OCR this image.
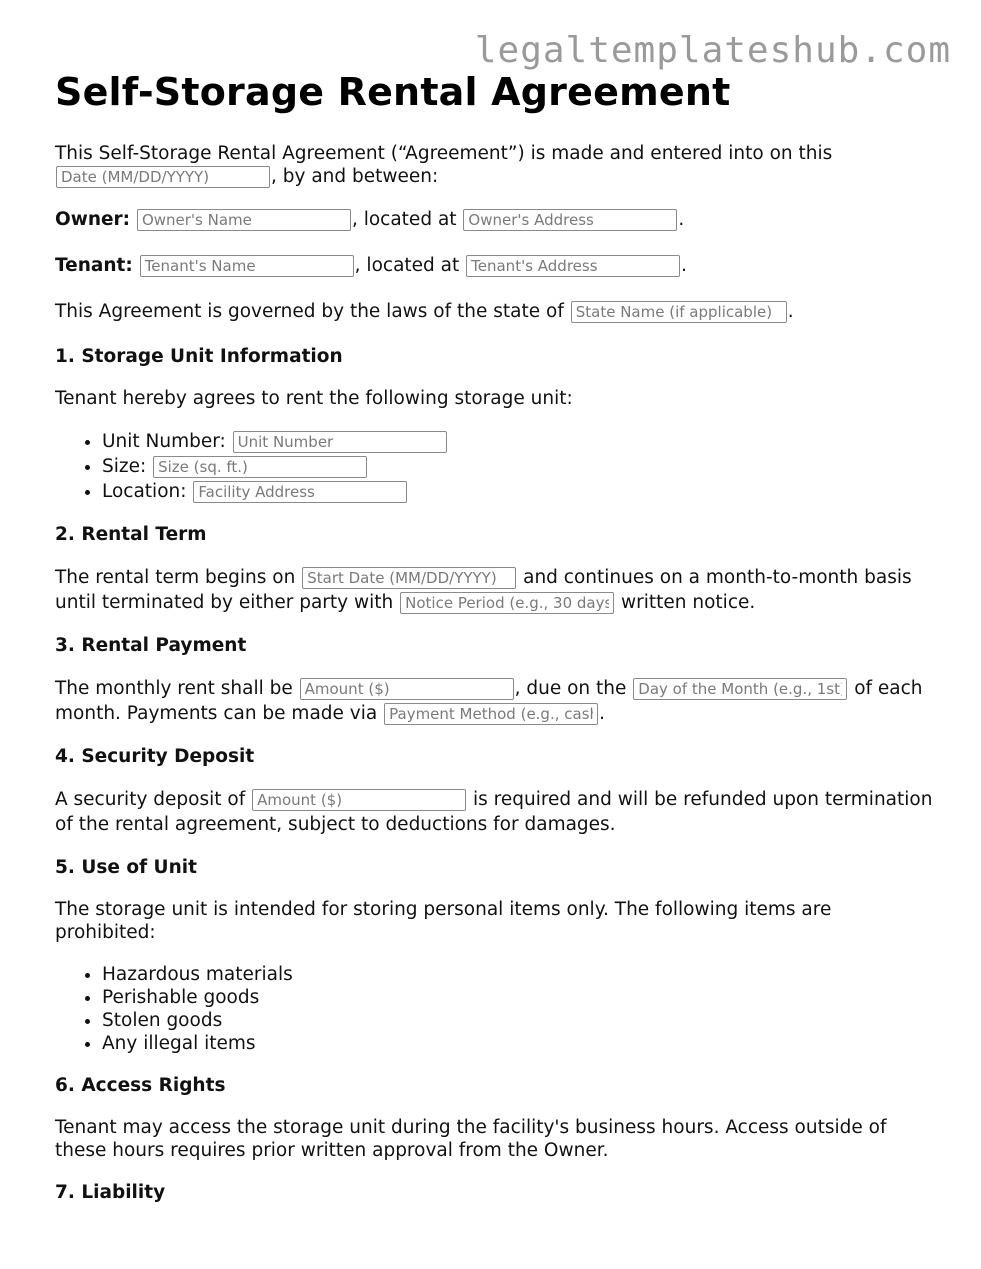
legaltemplateshub.com
Self-Storage Rental Agreement

This Self-Storage Rental Agreement (“Agreement”) is made and entered into on this Date (MM/DD/YYYY), by and between:

Owner: Owner's Name	, located at Owner's Address	.

Tenant: Tenant's Name	, located at Tenant's Address	.

This Agreement is governed by the laws of the state of State Name (if applicable)	.

1. Storage Unit Information

Tenant hereby agrees to rent the following storage unit:

• Unit Number: Unit Number
• Size: Size (sq. ft.)
• Location: Facility Address
2. Rental Term

The rental term begins on Start Date (MM/DD/YYYY)	and continues on a month-to-month basis until terminated by either party with Notice Period (e.g., 30 days)	written notice.

3. Rental Payment

The monthly rent shall be Amount ($)	, due on the Day of the Month (e.g., 1st)	of each month. Payments can be made via Payment Method (e.g., cash)	.

4. Security Deposit

A security deposit of Amount ($)	is required and will be refunded upon termination of the rental agreement, subject to deductions for damages.

5. Use of Unit

The storage unit is intended for storing personal items only. The following items are prohibited:

• Hazardous materials
• Perishable goods
• Stolen goods
• Any illegal items
6. Access Rights

Tenant may access the storage unit during the facility's business hours. Access outside of these hours requires prior written approval from the Owner.

7. Liability
